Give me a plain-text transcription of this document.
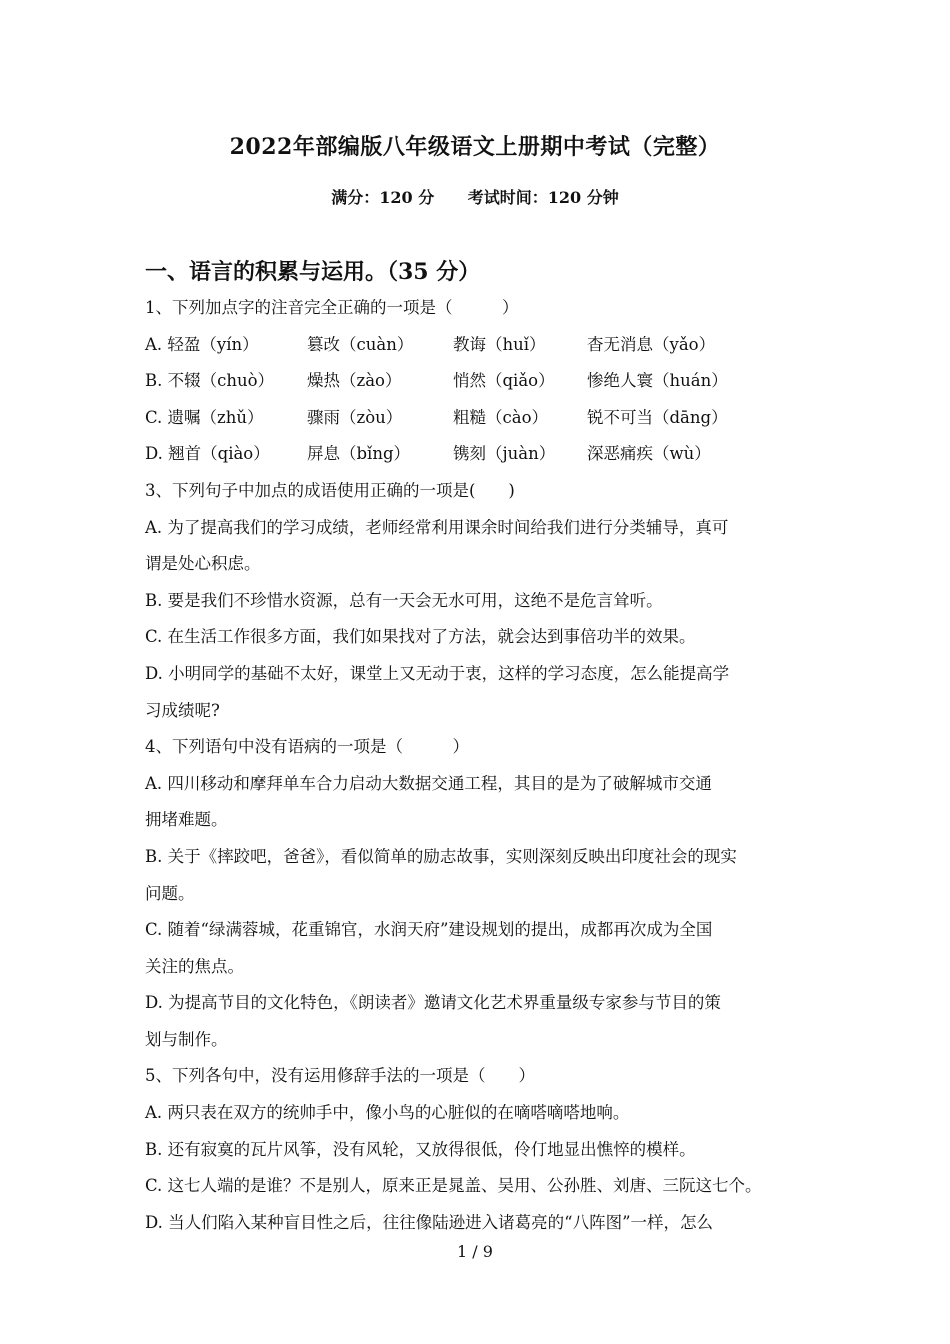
2022年部编版八年级语文上册期中考试（完整）
满分：120 分 考试时间：120 分钟
一、语言的积累与运用。（35 分）
1、下列加点字的注音完全正确的一项是（　　　）
A. 轻盈（yín）	篡改（cuàn） 教诲（huǐ）	杳无消息（yǎo）
B. 不辍（chuò） 燥热（zào）	悄然（qiǎo） 惨绝人寰（huán）
C. 遗嘱（zhǔ）	骤雨（zòu）	粗糙（cào） 锐不可当（dāng）
D. 翘首（qiào） 屏息（bǐng）	镌刻（juàn） 深恶痛疾（wù）
3、下列句子中加点的成语使用正确的一项是(　　)
A. 为了提高我们的学习成绩，老师经常利用课余时间给我们进行分类辅导，真可
谓是处心积虑。
B. 要是我们不珍惜水资源，总有一天会无水可用，这绝不是危言耸听。
C. 在生活工作很多方面，我们如果找对了方法，就会达到事倍功半的效果。
D. 小明同学的基础不太好，课堂上又无动于衷，这样的学习态度，怎么能提高学
习成绩呢?
4、下列语句中没有语病的一项是（　　　）
A. 四川移动和摩拜单车合力启动大数据交通工程，其目的是为了破解城市交通
拥堵难题。
B. 关于《摔跤吧，爸爸》，看似简单的励志故事，实则深刻反映出印度社会的现实
问题。
C. 随着“绿满蓉城，花重锦官，水润天府”建设规划的提出，成都再次成为全国
关注的焦点。
D. 为提高节目的文化特色，《朗读者》邀请文化艺术界重量级专家参与节目的策
划与制作。
5、下列各句中，没有运用修辞手法的一项是（　　）
A. 两只表在双方的统帅手中，像小鸟的心脏似的在嘀嗒嘀嗒地响。
B. 还有寂寞的瓦片风筝，没有风轮，又放得很低，伶仃地显出憔悴的模样。
C. 这七人端的是谁？不是别人，原来正是晁盖、吴用、公孙胜、刘唐、三阮这七个。
D. 当人们陷入某种盲目性之后，往往像陆逊进入诸葛亮的“八阵图”一样，怎么
1 / 9
